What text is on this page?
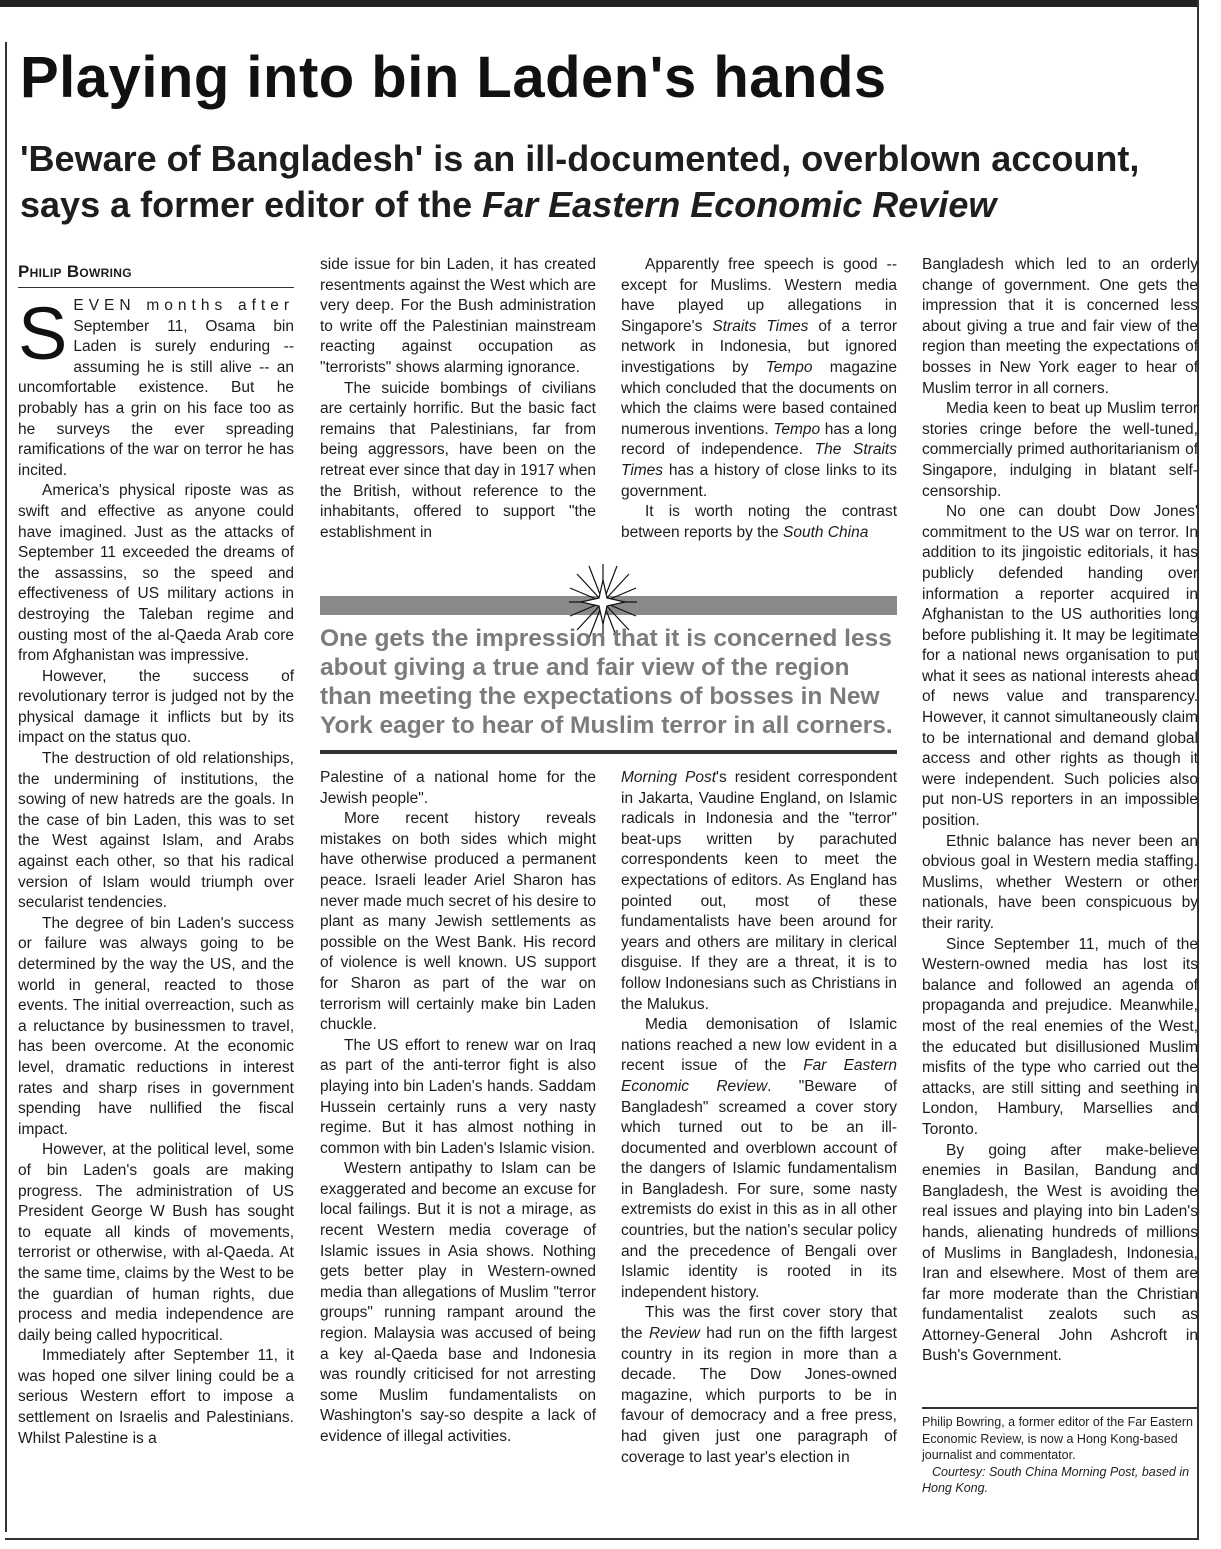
Playing into bin Laden's hands
'Beware of Bangladesh' is an ill-documented, overblown account, says a former editor of the Far Eastern Economic Review
Philip Bowring

SEVEN months after September 11, Osama bin Laden is surely enduring -- assuming he is still alive -- an uncomfortable existence. But he probably has a grin on his face too as he surveys the ever spreading ramifications of the war on terror he has incited.

America's physical riposte was as swift and effective as anyone could have imagined. Just as the attacks of September 11 exceeded the dreams of the assassins, so the speed and effectiveness of US military actions in destroying the Taleban regime and ousting most of the al-Qaeda Arab core from Afghanistan was impressive.

However, the success of revolutionary terror is judged not by the physical damage it inflicts but by its impact on the status quo.

The destruction of old relationships, the undermining of institutions, the sowing of new hatreds are the goals. In the case of bin Laden, this was to set the West against Islam, and Arabs against each other, so that his radical version of Islam would triumph over secularist tendencies.

The degree of bin Laden's success or failure was always going to be determined by the way the US, and the world in general, reacted to those events. The initial overreaction, such as a reluctance by businessmen to travel, has been overcome. At the economic level, dramatic reductions in interest rates and sharp rises in government spending have nullified the fiscal impact.

However, at the political level, some of bin Laden's goals are making progress. The administration of US President George W Bush has sought to equate all kinds of movements, terrorist or otherwise, with al-Qaeda. At the same time, claims by the West to be the guardian of human rights, due process and media independence are daily being called hypocritical.

Immediately after September 11, it was hoped one silver lining could be a serious Western effort to impose a settlement on Israelis and Palestinians. Whilst Palestine is a

side issue for bin Laden, it has created resentments against the West which are very deep. For the Bush administration to write off the Palestinian mainstream reacting against occupation as "terrorists" shows alarming ignorance.

The suicide bombings of civilians are certainly horrific. But the basic fact remains that Palestinians, far from being aggressors, have been on the retreat ever since that day in 1917 when the British, without reference to the inhabitants, offered to support "the establishment in

Apparently free speech is good -- except for Muslims. Western media have played up allegations in Singapore's Straits Times of a terror network in Indonesia, but ignored investigations by Tempo magazine which concluded that the documents on which the claims were based contained numerous inventions. Tempo has a long record of independence. The Straits Times has a history of close links to its government.

It is worth noting the contrast between reports by the South China

One gets the impression that it is concerned less about giving a true and fair view of the region than meeting the expectations of bosses in New York eager to hear of Muslim terror in all corners.

Palestine of a national home for the Jewish people".

More recent history reveals mistakes on both sides which might have otherwise produced a permanent peace. Israeli leader Ariel Sharon has never made much secret of his desire to plant as many Jewish settlements as possible on the West Bank. His record of violence is well known. US support for Sharon as part of the war on terrorism will certainly make bin Laden chuckle.

The US effort to renew war on Iraq as part of the anti-terror fight is also playing into bin Laden's hands. Saddam Hussein certainly runs a very nasty regime. But it has almost nothing in common with bin Laden's Islamic vision.

Western antipathy to Islam can be exaggerated and become an excuse for local failings. But it is not a mirage, as recent Western media coverage of Islamic issues in Asia shows. Nothing gets better play in Western-owned media than allegations of Muslim "terror groups" running rampant around the region. Malaysia was accused of being a key al-Qaeda base and Indonesia was roundly criticised for not arresting some Muslim fundamentalists on Washington's say-so despite a lack of evidence of illegal activities.

Morning Post's resident correspondent in Jakarta, Vaudine England, on Islamic radicals in Indonesia and the "terror" beat-ups written by parachuted correspondents keen to meet the expectations of editors. As England has pointed out, most of these fundamentalists have been around for years and others are military in clerical disguise. If they are a threat, it is to follow Indonesians such as Christians in the Malukus.

Media demonisation of Islamic nations reached a new low evident in a recent issue of the Far Eastern Economic Review. "Beware of Bangladesh" screamed a cover story which turned out to be an ill-documented and overblown account of the dangers of Islamic fundamentalism in Bangladesh. For sure, some nasty extremists do exist in this as in all other countries, but the nation's secular policy and the precedence of Bengali over Islamic identity is rooted in its independent history.

This was the first cover story that the Review had run on the fifth largest country in its region in more than a decade. The Dow Jones-owned magazine, which purports to be in favour of democracy and a free press, had given just one paragraph of coverage to last year's election in

Bangladesh which led to an orderly change of government. One gets the impression that it is concerned less about giving a true and fair view of the region than meeting the expectations of bosses in New York eager to hear of Muslim terror in all corners.

Media keen to beat up Muslim terror stories cringe before the well-tuned, commercially primed authoritarianism of Singapore, indulging in blatant self-censorship.

No one can doubt Dow Jones' commitment to the US war on terror. In addition to its jingoistic editorials, it has publicly defended handing over information a reporter acquired in Afghanistan to the US authorities long before publishing it. It may be legitimate for a national news organisation to put what it sees as national interests ahead of news value and transparency. However, it cannot simultaneously claim to be international and demand global access and other rights as though it were independent. Such policies also put non-US reporters in an impossible position.

Ethnic balance has never been an obvious goal in Western media staffing. Muslims, whether Western or other nationals, have been conspicuous by their rarity.

Since September 11, much of the Western-owned media has lost its balance and followed an agenda of propaganda and prejudice. Meanwhile, most of the real enemies of the West, the educated but disillusioned Muslim misfits of the type who carried out the attacks, are still sitting and seething in London, Hambury, Marsellies and Toronto.

By going after make-believe enemies in Basilan, Bandung and Bangladesh, the West is avoiding the real issues and playing into bin Laden's hands, alienating hundreds of millions of Muslims in Bangladesh, Indonesia, Iran and elsewhere. Most of them are far more moderate than the Christian fundamentalist zealots such as Attorney-General John Ashcroft in Bush's Government.

Philip Bowring, a former editor of the Far Eastern Economic Review, is now a Hong Kong-based journalist and commentator.

Courtesy: South China Morning Post, based in Hong Kong.
